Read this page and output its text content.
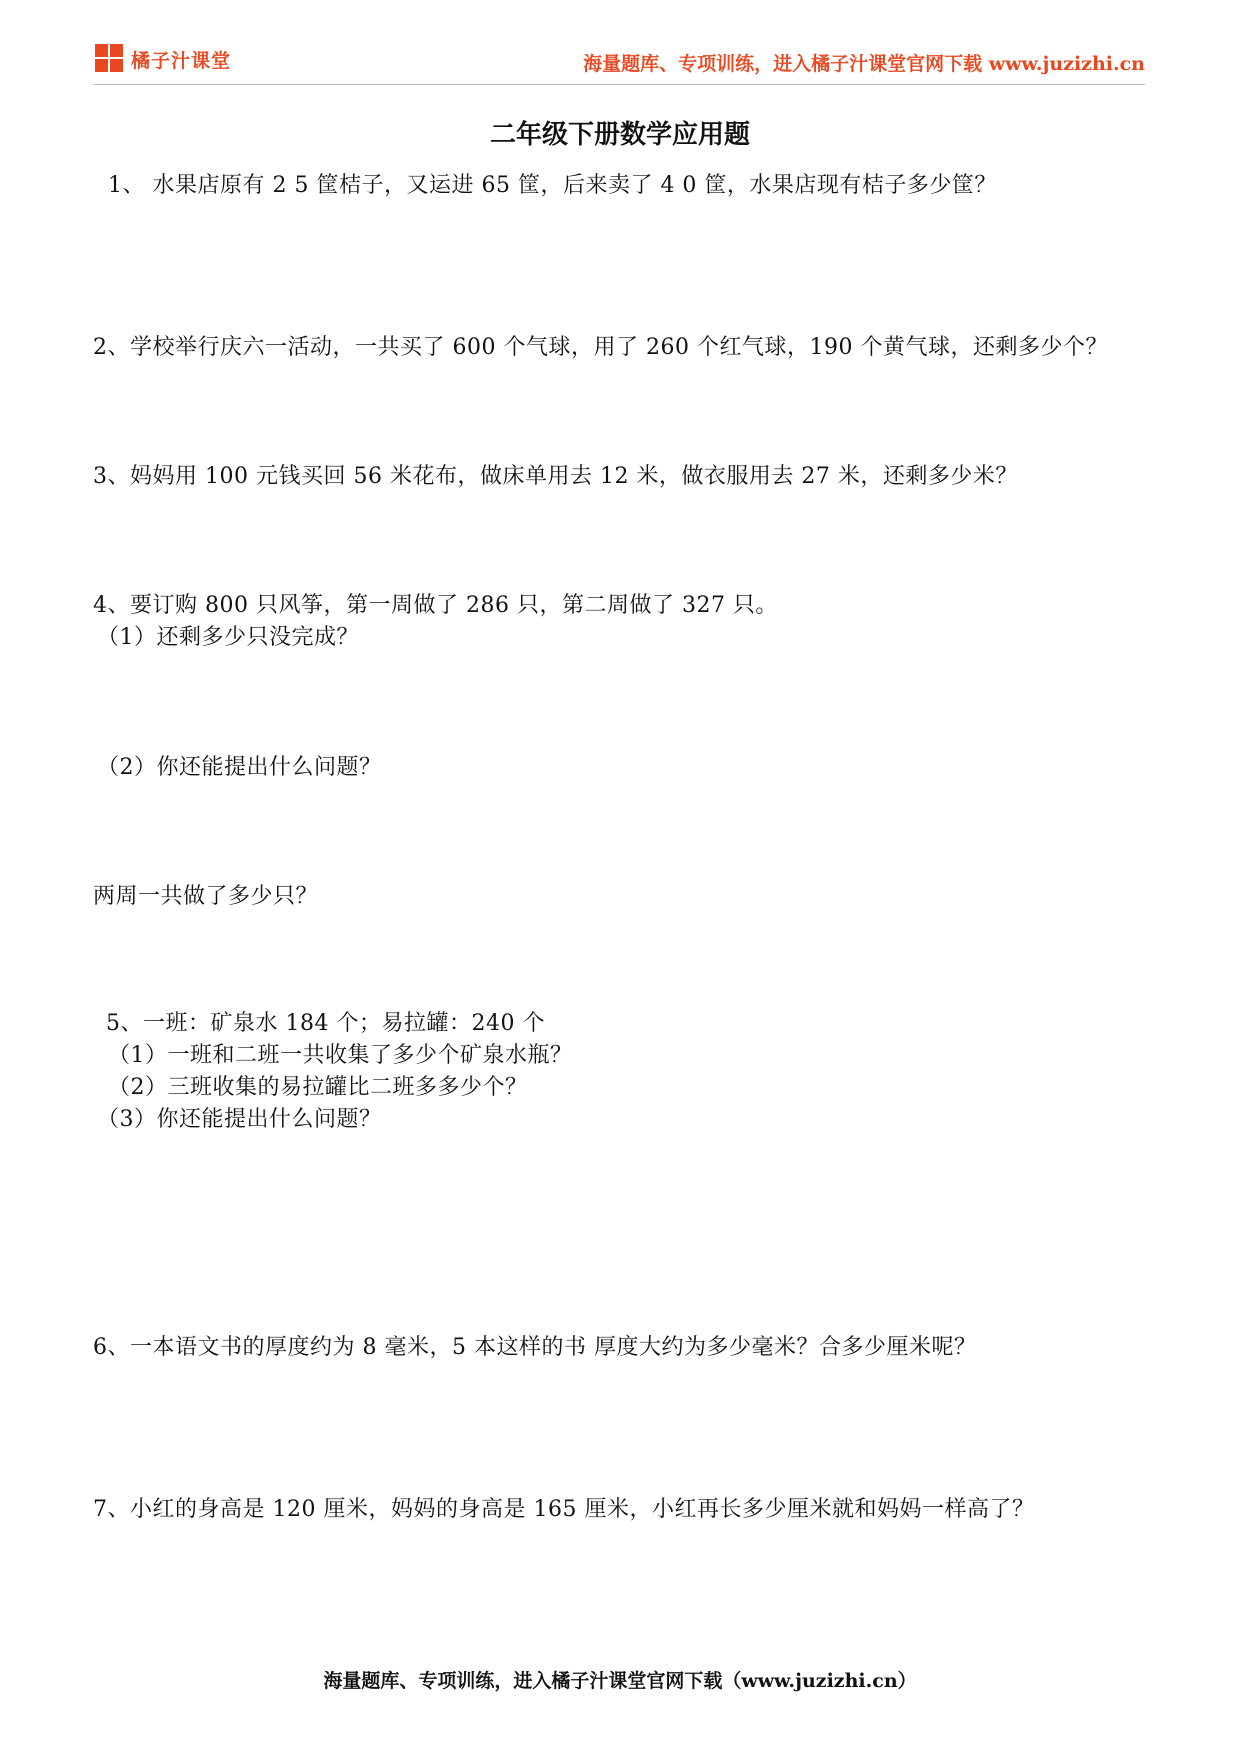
橘子汁课堂	海量题库、专项训练，进入橘子汁课堂官网下载 www.juzizhi.cn
二年级下册数学应用题
1、 水果店原有 2 5 筐桔子，又运进 65 筐，后来卖了 4 0 筐，水果店现有桔子多少筐？
2、学校举行庆六一活动，一共买了 600 个气球，用了 260 个红气球，190 个黄气球，还剩多少个？
3、妈妈用 100 元钱买回 56 米花布，做床单用去 12 米，做衣服用去 27 米，还剩多少米？
4、要订购 800 只风筝，第一周做了 286 只，第二周做了 327 只。
（1）还剩多少只没完成？
（2）你还能提出什么问题？
两周一共做了多少只？
5、一班：矿泉水 184 个；易拉罐：240 个
（1）一班和二班一共收集了多少个矿泉水瓶？
（2）三班收集的易拉罐比二班多多少个？
（3）你还能提出什么问题？
6、一本语文书的厚度约为 8 毫米，5 本这样的书 厚度大约为多少毫米？合多少厘米呢？
7、小红的身高是 120 厘米，妈妈的身高是 165 厘米，小红再长多少厘米就和妈妈一样高了？
海量题库、专项训练，进入橘子汁课堂官网下载（www.juzizhi.cn）
